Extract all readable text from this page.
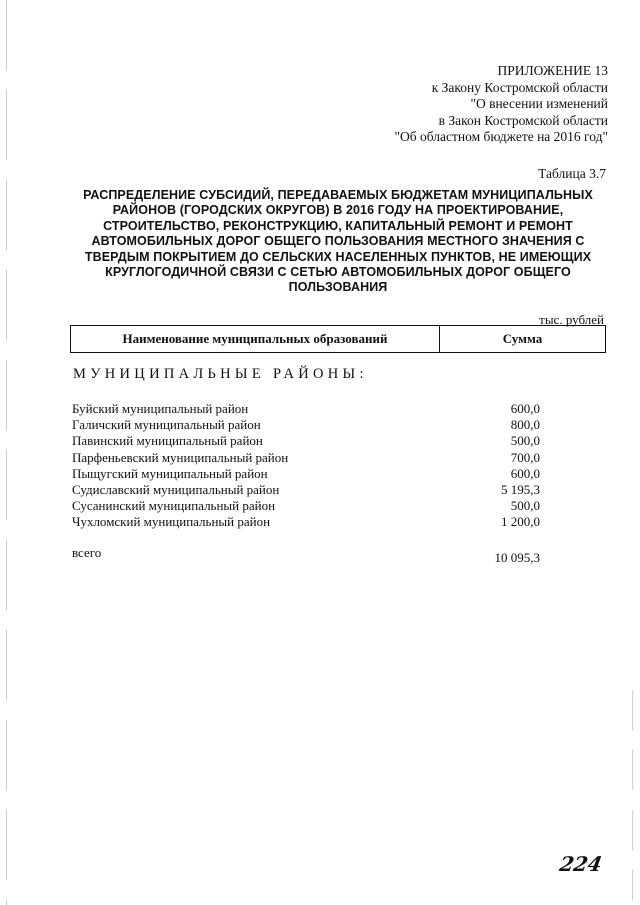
ПРИЛОЖЕНИЕ 13
к Закону Костромской области
"О внесении изменений
в Закон Костромской области
"Об областном бюджете на 2016 год"
Таблица 3.7
РАСПРЕДЕЛЕНИЕ СУБСИДИЙ, ПЕРЕДАВАЕМЫХ БЮДЖЕТАМ МУНИЦИПАЛЬНЫХ
РАЙОНОВ (ГОРОДСКИХ ОКРУГОВ) В 2016 ГОДУ НА ПРОЕКТИРОВАНИЕ,
СТРОИТЕЛЬСТВО, РЕКОНСТРУКЦИЮ, КАПИТАЛЬНЫЙ РЕМОНТ И РЕМОНТ
АВТОМОБИЛЬНЫХ ДОРОГ ОБЩЕГО ПОЛЬЗОВАНИЯ МЕСТНОГО ЗНАЧЕНИЯ С
ТВЕРДЫМ ПОКРЫТИЕМ ДО СЕЛЬСКИХ НАСЕЛЕННЫХ ПУНКТОВ, НЕ ИМЕЮЩИХ
КРУГЛОГОДИЧНОЙ СВЯЗИ С СЕТЬЮ АВТОМОБИЛЬНЫХ ДОРОГ ОБЩЕГО
ПОЛЬЗОВАНИЯ
тыс. рублей
Наименование муниципальных образований	Сумма
МУНИЦИПАЛЬНЫЕ РАЙОНЫ:
Буйский муниципальный район	600,0
Галичский муниципальный район	800,0
Павинский муниципальный район	500,0
Парфеньевский муниципальный район	700,0
Пыщугский муниципальный район	600,0
Судиславский муниципальный район	5 195,3
Сусанинский муниципальный район	500,0
Чухломский муниципальный район	1 200,0
всего	10 095,3
224
